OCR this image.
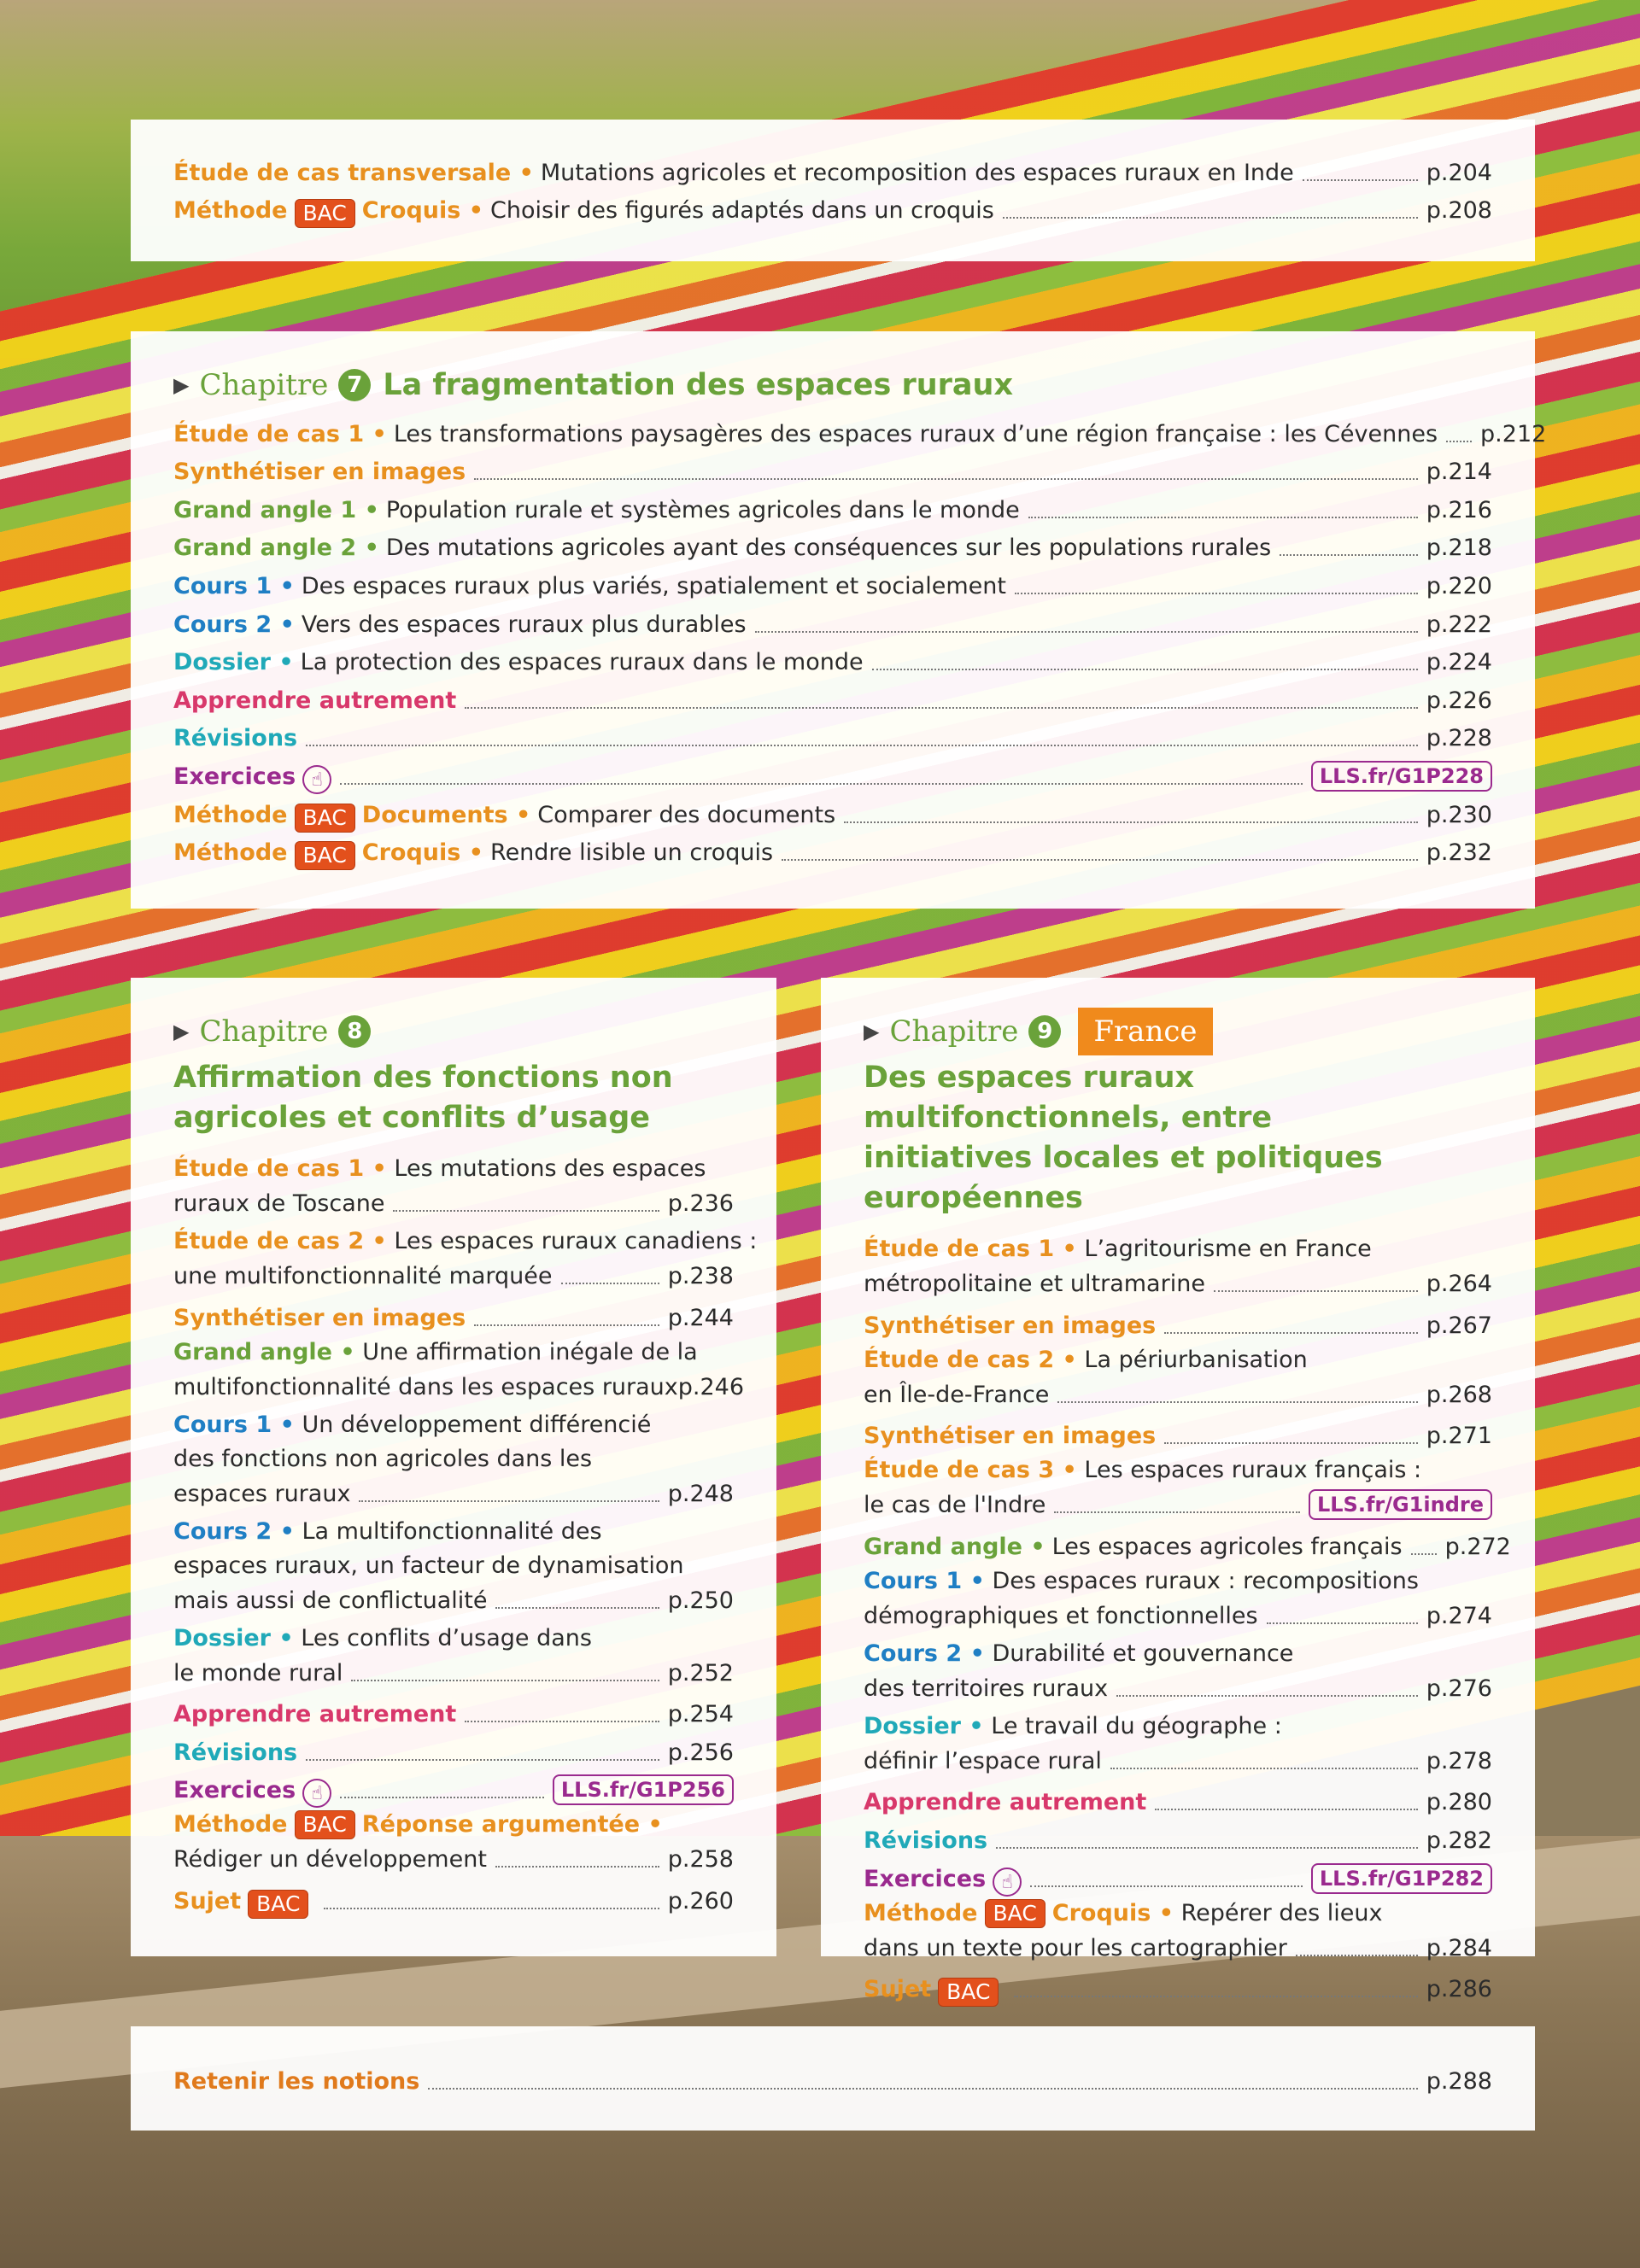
Étude de cas transversale • Mutations agricoles et recomposition des espaces ruraux en Inde	p.204
Méthode BAC Croquis • Choisir des figurés adaptés dans un croquis	p.208
▶ Chapitre 7 La fragmentation des espaces ruraux
Étude de cas 1 • Les transformations paysagères des espaces ruraux d’une région française : les Cévennes p.212
Synthétiser en images	p.214
Grand angle 1 • Population rurale et systèmes agricoles dans le monde	p.216
Grand angle 2 • Des mutations agricoles ayant des conséquences sur les populations rurales	p.218
Cours 1 • Des espaces ruraux plus variés, spatialement et socialement	p.220
Cours 2 • Vers des espaces ruraux plus durables	p.222
Dossier • La protection des espaces ruraux dans le monde	p.224
Apprendre autrement	p.226
Révisions	p.228
Exercices ☝	LLS.fr/G1P228
Méthode BAC Documents • Comparer des documents	p.230
Méthode BAC Croquis • Rendre lisible un croquis	p.232
▶ Chapitre 8
Affirmation des fonctions non
agricoles et conflits d’usage
Étude de cas 1 • Les mutations des espaces
ruraux de Toscane	p.236
Étude de cas 2 • Les espaces ruraux canadiens :
une multifonctionnalité marquée	p.238
Synthétiser en images	p.244
Grand angle • Une affirmation inégale de la
multifonctionnalité dans les espaces ruraux p.246
Cours 1 • Un développement différencié
des fonctions non agricoles dans les
espaces ruraux	p.248
Cours 2 • La multifonctionnalité des
espaces ruraux, un facteur de dynamisation
mais aussi de conflictualité	p.250
Dossier • Les conflits d’usage dans
le monde rural	p.252
Apprendre autrement	p.254
Révisions	p.256
Exercices ☝	LLS.fr/G1P256
Méthode BAC Réponse argumentée •
Rédiger un développement	p.258
Sujet BAC	p.260
▶ Chapitre 9	France
Des espaces ruraux multifonctionnels, entre
initiatives locales et politiques européennes
Étude de cas 1 • L’agritourisme en France
métropolitaine et ultramarine	p.264
Synthétiser en images	p.267
Étude de cas 2 • La périurbanisation
en Île-de-France	p.268
Synthétiser en images	p.271
Étude de cas 3 • Les espaces ruraux français :
le cas de l'Indre	LLS.fr/G1indre
Grand angle • Les espaces agricoles français p.272
Cours 1 • Des espaces ruraux : recompositions
démographiques et fonctionnelles	p.274
Cours 2 • Durabilité et gouvernance
des territoires ruraux	p.276
Dossier • Le travail du géographe :
définir l’espace rural	p.278
Apprendre autrement	p.280
Révisions	p.282
Exercices ☝	LLS.fr/G1P282
Méthode BAC Croquis • Repérer des lieux
dans un texte pour les cartographier	p.284
Sujet BAC	p.286
Retenir les notions	p.288
